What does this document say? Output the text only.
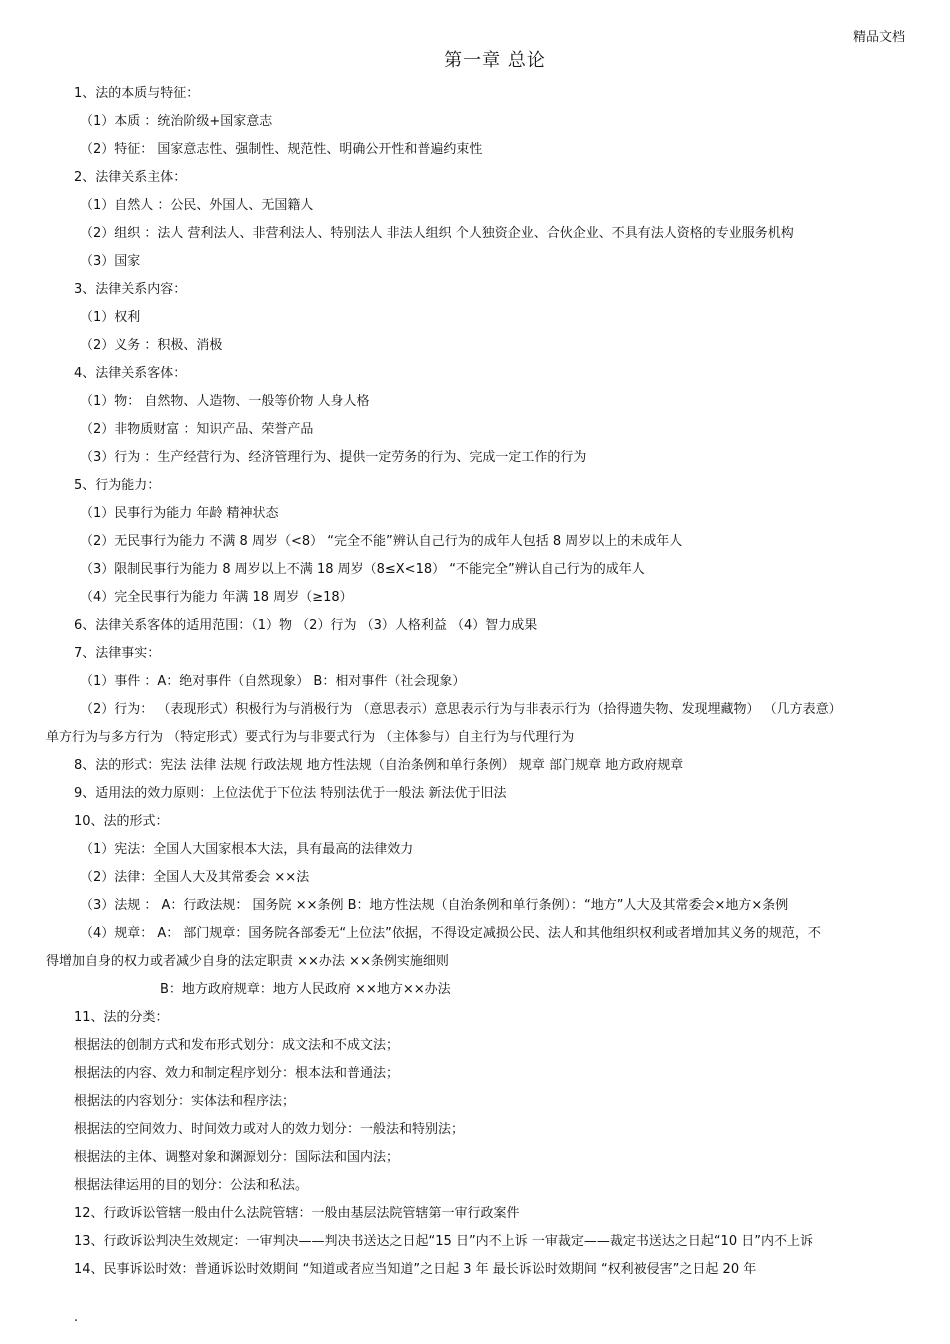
精品文档
第一章 总论
1、法的本质与特征：
（1）本质 ：统治阶级+国家意志
（2）特征： 国家意志性、强制性、规范性、明确公开性和普遍约束性
2、法律关系主体：
（1）自然人 ：公民、外国人、无国籍人
（2）组织 ：法人 营利法人、非营利法人、特别法人 非法人组织 个人独资企业、合伙企业、不具有法人资格的专业服务机构
（3）国家
3、法律关系内容：
（1）权利
（2）义务 ：积极、消极
4、法律关系客体：
（1）物： 自然物、人造物、一般等价物 人身人格
（2）非物质财富 ：知识产品、荣誉产品
（3）行为 ：生产经营行为、经济管理行为、提供一定劳务的行为、完成一定工作的行为
5、行为能力：
（1）民事行为能力 年龄 精神状态
（2）无民事行为能力 不满 8 周岁（<8） “完全不能”辨认自己行为的成年人包括 8 周岁以上的未成年人
（3）限制民事行为能力 8 周岁以上不满 18 周岁（8≤X<18） “不能完全”辨认自己行为的成年人
（4）完全民事行为能力 年满 18 周岁（≥18）
6、法律关系客体的适用范围：（1）物 （2）行为 （3）人格利益 （4）智力成果
7、法律事实：
（1）事件 ：A：绝对事件（自然现象） B：相对事件（社会现象）
（2）行为： （表现形式）积极行为与消极行为 （意思表示）意思表示行为与非表示行为（拾得遗失物、发现埋藏物） （几方表意）
单方行为与多方行为 （特定形式）要式行为与非要式行为 （主体参与）自主行为与代理行为
8、法的形式：宪法 法律 法规 行政法规 地方性法规（自治条例和单行条例） 规章 部门规章 地方政府规章
9、适用法的效力原则：上位法优于下位法 特别法优于一般法 新法优于旧法
10、法的形式：
（1）宪法：全国人大国家根本大法，具有最高的法律效力
（2）法律：全国人大及其常委会 ××法
（3）法规 ： A：行政法规： 国务院 ××条例 B：地方性法规（自治条例和单行条例）：“地方”人大及其常委会×地方×条例
（4）规章： A： 部门规章：国务院各部委无“上位法”依据，不得设定减损公民、法人和其他组织权利或者增加其义务的规范，不
得增加自身的权力或者减少自身的法定职责 ××办法 ××条例实施细则
B：地方政府规章：地方人民政府 ××地方××办法
11、法的分类：
根据法的创制方式和发布形式划分：成文法和不成文法；
根据法的内容、效力和制定程序划分：根本法和普通法；
根据法的内容划分：实体法和程序法；
根据法的空间效力、时间效力或对人的效力划分：一般法和特别法；
根据法的主体、调整对象和渊源划分：国际法和国内法；
根据法律运用的目的划分：公法和私法。
12、行政诉讼管辖一般由什么法院管辖：一般由基层法院管辖第一审行政案件
13、行政诉讼判决生效规定：一审判决——判决书送达之日起“15 日”内不上诉 一审裁定——裁定书送达之日起“10 日”内不上诉
14、民事诉讼时效：普通诉讼时效期间 “知道或者应当知道”之日起 3 年 最长诉讼时效期间 “权利被侵害”之日起 20 年
.
